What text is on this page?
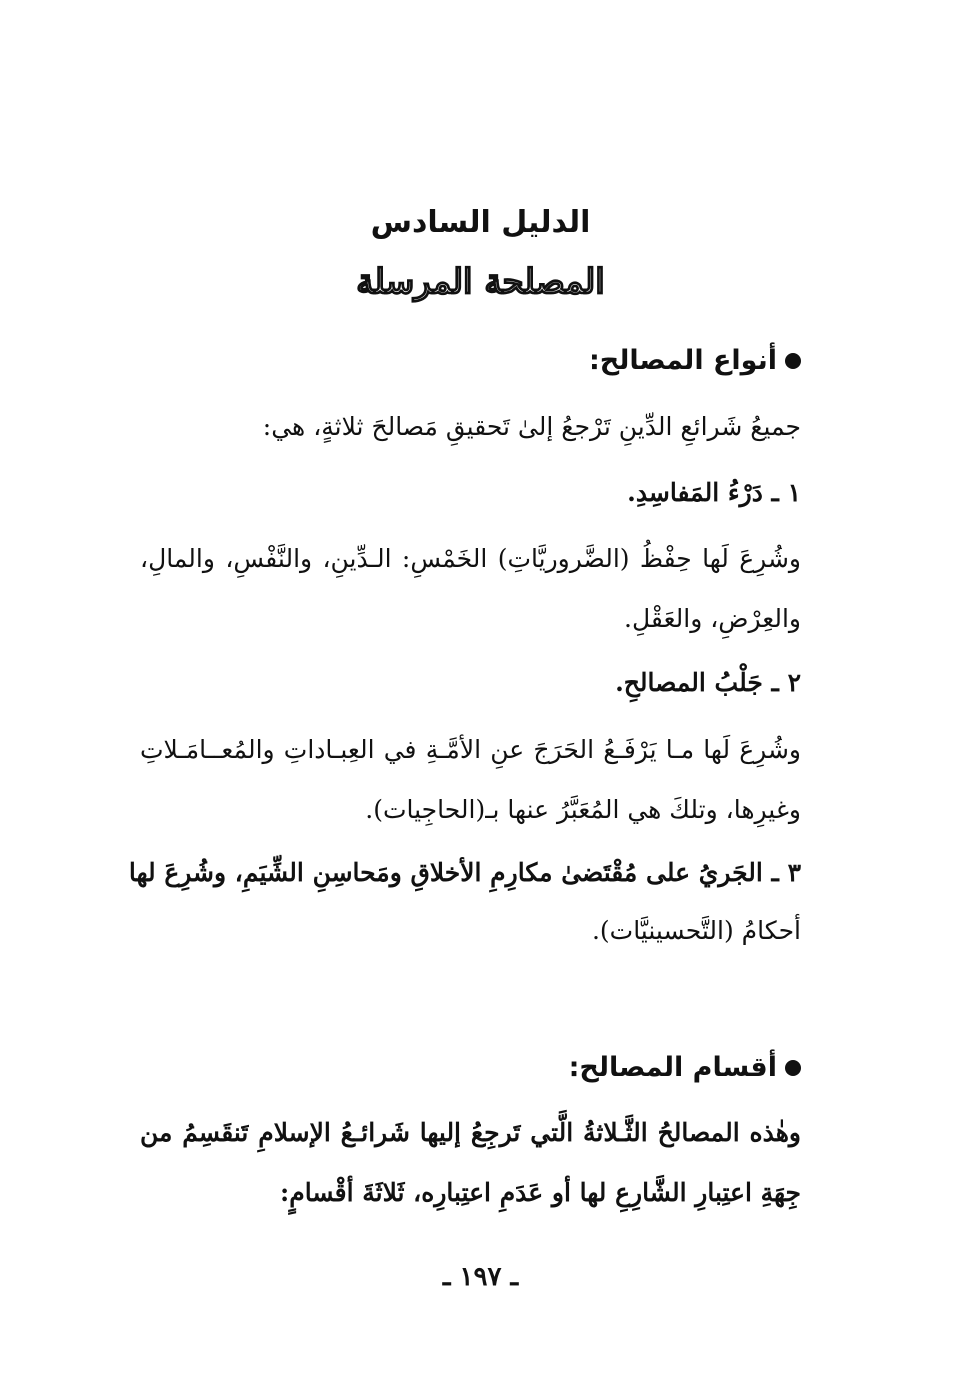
الدليل السادس
المصلحة المرسلة
أنواع المصالح:
جميعُ شَرائعِ الدِّينِ تَرْجعُ إلىٰ تَحقيقِ مَصالحَ ثلاثةٍ، هي:
١ ـ دَرْءُ المَفاسِدِ.
وشُرِعَ لَها حِفْظُ (الضَّروريَّاتِ) الخَمْسِ: الـدِّينِ، والنَّفْسِ، والمالِ،
والعِرْضِ، والعَقْلِ.
٢ ـ جَلْبُ المصالحِ.
وشُرِعَ لَها مـا يَرْفَـعُ الحَرَجَ عنِ الأمَّـةِ في العِبـاداتِ والمُعــامَـلاتِ
وغيرِها، وتلكَ هي المُعَبَّرُ عنها بـ(الحاجِيات).
٣ ـ الجَريُ على مُقْتَضىٰ مكارِمِ الأخلاقِ ومَحاسِنِ الشِّيَمِ، وشُرِعَ لها
أحكامُ (التَّحسينيَّات).
أقسام المصالح:
وهٰذه المصالحُ الثَّـلاثةُ الَّتي تَرجِعُ إليها شَرائـعُ الإسلامِ تَنقَسِمُ من
جِهَةِ اعتِبارِ الشَّارِعِ لها أو عَدَمِ اعتِبارِه، ثَلاثَةَ أقْسامٍ:
ـ ١٩٧ ـ
